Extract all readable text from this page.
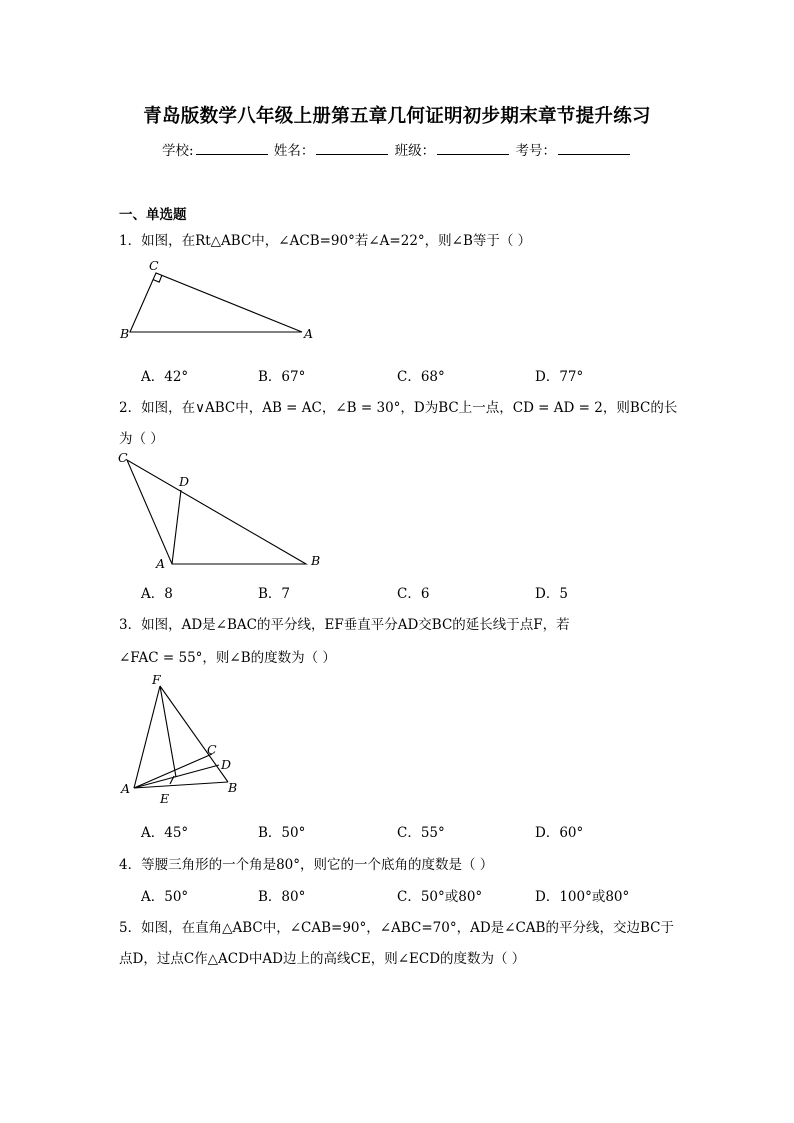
青岛版数学八年级上册第五章几何证明初步期末章节提升练习
学校:	姓名：	班级：	考号：
一、单选题
1．如图，在Rt△ABC中，∠ACB=90°若∠A=22°，则∠B等于（ ）
C
B	A
A．42°	B．67°	C．68°	D．77°
2．如图，在∨ABC中，AB = AC，∠B = 30°，D为BC上一点，CD = AD = 2，则BC的长
为（ ）
C
D
A	B
A．8	B．7	C．6	D．5
3．如图，AD是∠BAC的平分线，EF垂直平分AD交BC的延长线于点F，若
∠FAC = 55°，则∠B的度数为（ ）
F
C
D
A
E
B
A．45°	B．50°	C．55°	D．60°
4．等腰三角形的一个角是80°，则它的一个底角的度数是（ ）
A．50°	B．80°	C．50°或80°	D．100°或80°
5．如图，在直角△ABC中，∠CAB=90°，∠ABC=70°，AD是∠CAB的平分线，交边BC于
点D，过点C作△ACD中AD边上的高线CE，则∠ECD的度数为（ ）
